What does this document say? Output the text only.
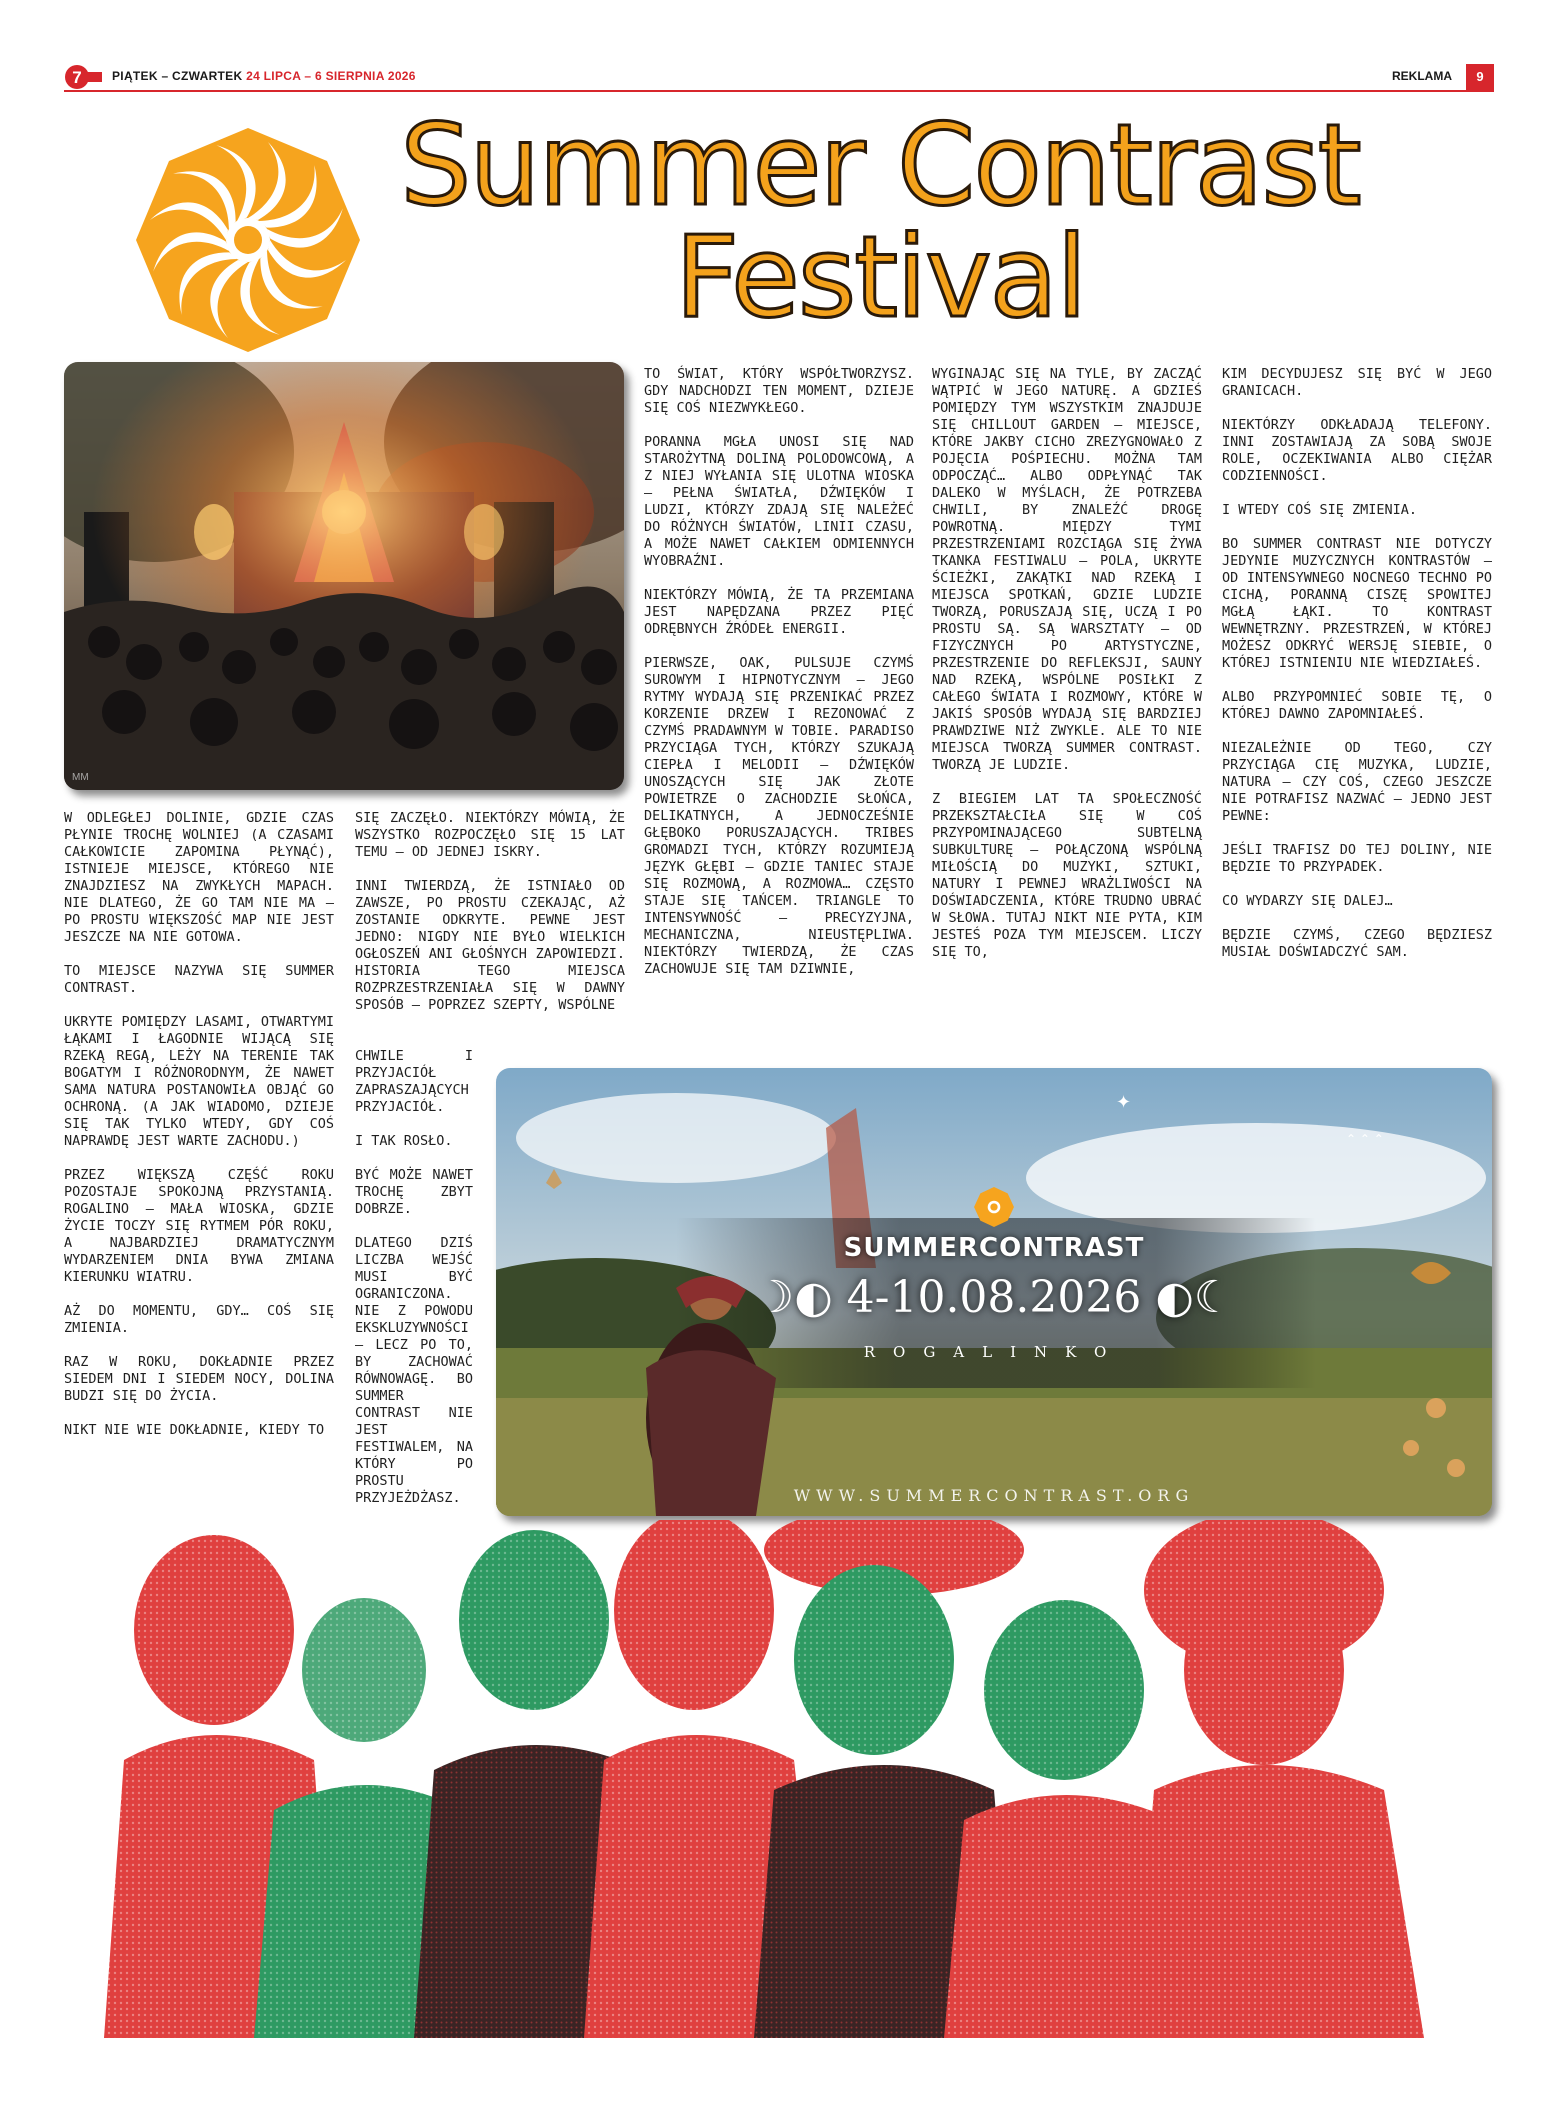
7	PIĄTEK – CZWARTEK 24 LIPCA – 6 SIERPNIA 2026	REKLAMA	9
Summer Contrast
Festival
MM

W ODLEGŁEJ DOLINIE, GDZIE CZAS PŁYNIE TROCHĘ WOLNIEJ (A CZASAMI CAŁKOWICIE ZAPOMINA PŁYNĄĆ), ISTNIEJE MIEJSCE, KTÓREGO NIE ZNAJDZIESZ NA ZWYKŁYCH MAPACH. NIE DLATEGO, ŻE GO TAM NIE MA — PO PROSTU WIĘKSZOŚĆ MAP NIE JEST JESZCZE NA NIE GOTOWA.

TO MIEJSCE NAZYWA SIĘ SUMMER CONTRAST.

UKRYTE POMIĘDZY LASAMI, OTWARTYMI ŁĄKAMI I ŁAGODNIE WIJĄCĄ SIĘ RZEKĄ REGĄ, LEŻY NA TERENIE TAK BOGATYM I RÓŻNORODNYM, ŻE NAWET SAMA NATURA POSTANOWIŁA OBJĄĆ GO OCHRONĄ. (A JAK WIADOMO, DZIEJE SIĘ TAK TYLKO WTEDY, GDY COŚ NAPRAWDĘ JEST WARTE ZACHODU.)

PRZEZ WIĘKSZĄ CZĘŚĆ ROKU POZOSTAJE SPOKOJNĄ PRZYSTANIĄ. ROGALINO — MAŁA WIOSKA, GDZIE ŻYCIE TOCZY SIĘ RYTMEM PÓR ROKU, A NAJBARDZIEJ DRAMATYCZNYM WYDARZENIEM DNIA BYWA ZMIANA KIERUNKU WIATRU.

AŻ DO MOMENTU, GDY… COŚ SIĘ ZMIENIA.

RAZ W ROKU, DOKŁADNIE PRZEZ SIEDEM DNI I SIEDEM NOCY, DOLINA BUDZI SIĘ DO ŻYCIA.

NIKT NIE WIE DOKŁADNIE, KIEDY TO

SIĘ ZACZĘŁO. NIEKTÓRZY MÓWIĄ, ŻE WSZYSTKO ROZPOCZĘŁO SIĘ 15 LAT TEMU — OD JEDNEJ ISKRY.

INNI TWIERDZĄ, ŻE ISTNIAŁO OD ZAWSZE, PO PROSTU CZEKAJĄC, AŻ ZOSTANIE ODKRYTE. PEWNE JEST JEDNO: NIGDY NIE BYŁO WIELKICH OGŁOSZEŃ ANI GŁOŚNYCH ZAPOWIEDZI. HISTORIA TEGO MIEJSCA ROZPRZESTRZENIAŁA SIĘ W DAWNY SPOSÓB — POPRZEZ SZEPTY, WSPÓLNE

CHWILE I PRZYJACIÓŁ ZAPRASZAJĄCYCH PRZYJACIÓŁ.

I TAK ROSŁO.

BYĆ MOŻE NAWET TROCHĘ ZBYT DOBRZE.

DLATEGO DZIŚ LICZBA WEJŚĆ MUSI BYĆ OGRANICZONA. NIE Z POWODU EKSKLUZYWNOŚCI — LECZ PO TO, BY ZACHOWAĆ RÓWNOWAGĘ. BO SUMMER CONTRAST NIE JEST FESTIWALEM, NA KTÓRY PO PROSTU PRZYJEŻDŻASZ.

TO ŚWIAT, KTÓRY WSPÓŁTWORZYSZ. GDY NADCHODZI TEN MOMENT, DZIEJE SIĘ COŚ NIEZWYKŁEGO.

PORANNA MGŁA UNOSI SIĘ NAD STAROŻYTNĄ DOLINĄ POLODOWCOWĄ, A Z NIEJ WYŁANIA SIĘ ULOTNA WIOSKA — PEŁNA ŚWIATŁA, DŹWIĘKÓW I LUDZI, KTÓRZY ZDAJĄ SIĘ NALEŻEĆ DO RÓŻNYCH ŚWIATÓW, LINII CZASU, A MOŻE NAWET CAŁKIEM ODMIENNYCH WYOBRAŹNI.

NIEKTÓRZY MÓWIĄ, ŻE TA PRZEMIANA JEST NAPĘDZANA PRZEZ PIĘĆ ODRĘBNYCH ŹRÓDEŁ ENERGII.

PIERWSZE, OAK, PULSUJE CZYMŚ SUROWYM I HIPNOTYCZNYM — JEGO RYTMY WYDAJĄ SIĘ PRZENIKAĆ PRZEZ KORZENIE DRZEW I REZONOWAĆ Z CZYMŚ PRADAWNYM W TOBIE. PARADISO PRZYCIĄGA TYCH, KTÓRZY SZUKAJĄ CIEPŁA I MELODII — DŹWIĘKÓW UNOSZĄCYCH SIĘ JAK ZŁOTE POWIETRZE O ZACHODZIE SŁOŃCA, DELIKATNYCH, A JEDNOCZEŚNIE GŁĘBOKO PORUSZAJĄCYCH. TRIBES GROMADZI TYCH, KTÓRZY ROZUMIEJĄ JĘZYK GŁĘBI — GDZIE TANIEC STAJE SIĘ ROZMOWĄ, A ROZMOWA… CZĘSTO STAJE SIĘ TAŃCEM. TRIANGLE TO INTENSYWNOŚĆ — PRECYZYJNA, MECHANICZNA, NIEUSTĘPLIWA. NIEKTÓRZY TWIERDZĄ, ŻE CZAS ZACHOWUJE SIĘ TAM DZIWNIE,

WYGINAJĄC SIĘ NA TYLE, BY ZACZĄĆ WĄTPIĆ W JEGO NATURĘ. A GDZIEŚ POMIĘDZY TYM WSZYSTKIM ZNAJDUJE SIĘ CHILLOUT GARDEN — MIEJSCE, KTÓRE JAKBY CICHO ZREZYGNOWAŁO Z POJĘCIA POŚPIECHU. MOŻNA TAM ODPOCZĄĆ… ALBO ODPŁYNĄĆ TAK DALEKO W MYŚLACH, ŻE POTRZEBA CHWILI, BY ZNALEŹĆ DROGĘ POWROTNĄ. MIĘDZY TYMI PRZESTRZENIAMI ROZCIĄGA SIĘ ŻYWA TKANKA FESTIWALU — POLA, UKRYTE ŚCIEŻKI, ZAKĄTKI NAD RZEKĄ I MIEJSCA SPOTKAŃ, GDZIE LUDZIE TWORZĄ, PORUSZAJĄ SIĘ, UCZĄ I PO PROSTU SĄ. SĄ WARSZTATY — OD FIZYCZNYCH PO ARTYSTYCZNE, PRZESTRZENIE DO REFLEKSJI, SAUNY NAD RZEKĄ, WSPÓLNE POSIŁKI Z CAŁEGO ŚWIATA I ROZMOWY, KTÓRE W JAKIŚ SPOSÓB WYDAJĄ SIĘ BARDZIEJ PRAWDZIWE NIŻ ZWYKLE. ALE TO NIE MIEJSCA TWORZĄ SUMMER CONTRAST. TWORZĄ JE LUDZIE.

Z BIEGIEM LAT TA SPOŁECZNOŚĆ PRZEKSZTAŁCIŁA SIĘ W COŚ PRZYPOMINAJĄCEGO SUBTELNĄ SUBKULTURĘ — POŁĄCZONĄ WSPÓLNĄ MIŁOŚCIĄ DO MUZYKI, SZTUKI, NATURY I PEWNEJ WRAŻLIWOŚCI NA DOŚWIADCZENIA, KTÓRE TRUDNO UBRAĆ W SŁOWA. TUTAJ NIKT NIE PYTA, KIM JESTEŚ POZA TYM MIEJSCEM. LICZY SIĘ TO,

KIM DECYDUJESZ SIĘ BYĆ W JEGO GRANICACH.

NIEKTÓRZY ODKŁADAJĄ TELEFONY. INNI ZOSTAWIAJĄ ZA SOBĄ SWOJE ROLE, OCZEKIWANIA ALBO CIĘŻAR CODZIENNOŚCI.

I WTEDY COŚ SIĘ ZMIENIA.

BO SUMMER CONTRAST NIE DOTYCZY JEDYNIE MUZYCZNYCH KONTRASTÓW — OD INTENSYWNEGO NOCNEGO TECHNO PO CICHĄ, PORANNĄ CISZĘ SPOWITEJ MGŁĄ ŁĄKI. TO KONTRAST WEWNĘTRZNY. PRZESTRZEŃ, W KTÓREJ MOŻESZ ODKRYĆ WERSJĘ SIEBIE, O KTÓREJ ISTNIENIU NIE WIEDZIAŁEŚ.

ALBO PRZYPOMNIEĆ SOBIE TĘ, O KTÓREJ DAWNO ZAPOMNIAŁEŚ.

NIEZALEŻNIE OD TEGO, CZY PRZYCIĄGA CIĘ MUZYKA, LUDZIE, NATURA — CZY COŚ, CZEGO JESZCZE NIE POTRAFISZ NAZWAĆ — JEDNO JEST PEWNE:

JEŚLI TRAFISZ DO TEJ DOLINY, NIE BĘDZIE TO PRZYPADEK.

CO WYDARZY SIĘ DALEJ…

BĘDZIE CZYMŚ, CZEGO BĘDZIESZ MUSIAŁ DOŚWIADCZYĆ SAM.

✦
⌃ ⌃ ⌃
SUMMERCONTRAST
☽◐ 4-10.08.2026 ◐☾
ROGALINKO
WWW.SUMMERCONTRAST.ORG
